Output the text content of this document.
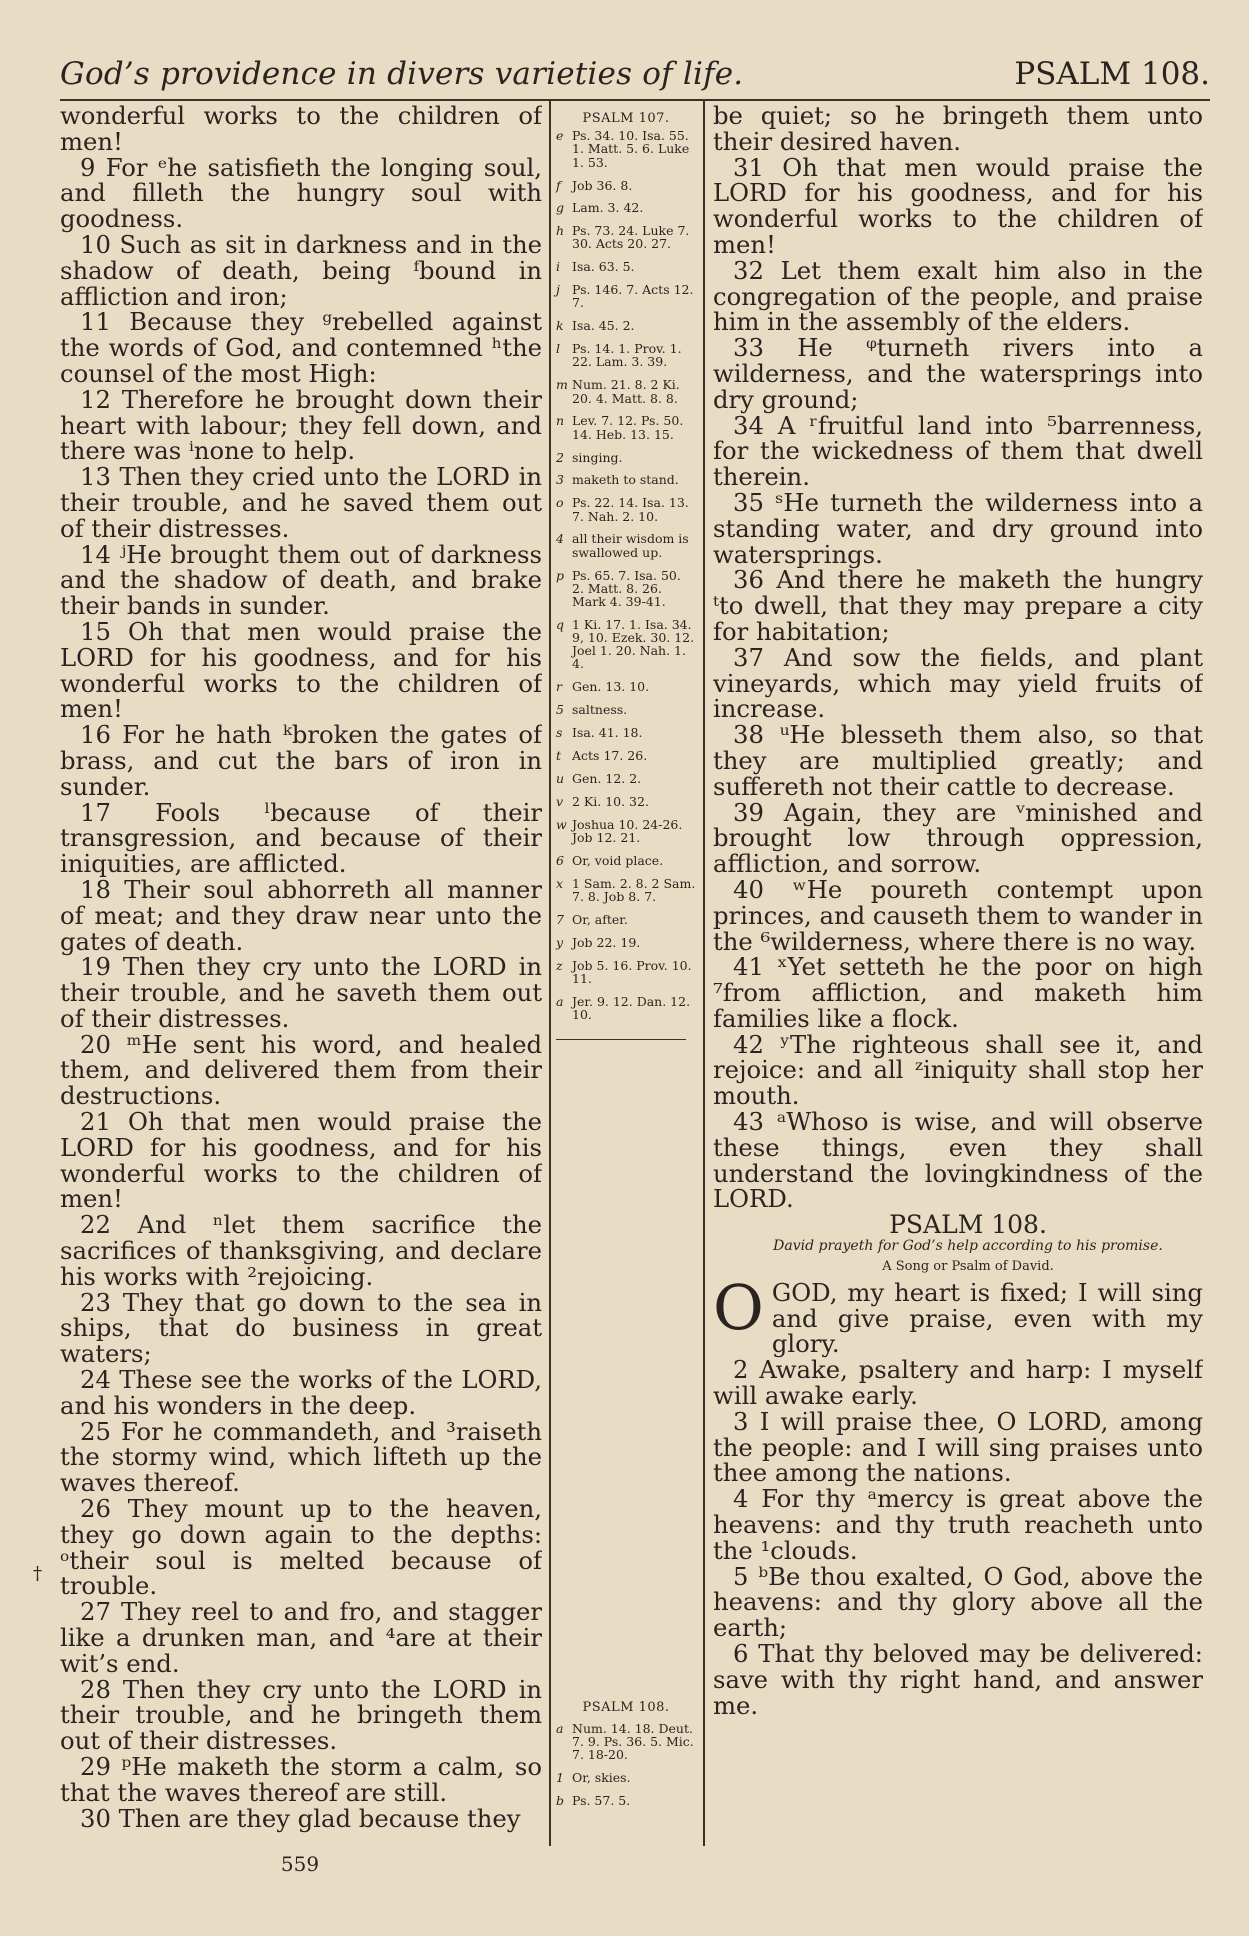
God’s providence in divers varieties of life.	PSALM 108.

wonderful works to the children of men!

9 For ᵉhe satisfieth the longing soul, and filleth the hungry soul with goodness.

10 Such as sit in darkness and in the shadow of death, being ᶠbound in affliction and iron;

11 Because they ᵍrebelled against the words of God, and contemned ʰthe counsel of the most High:

12 Therefore he brought down their heart with labour; they fell down, and there was ⁱnone to help.

13 Then they cried unto the LORD in their trouble, and he saved them out of their distresses.

14 ʲHe brought them out of darkness and the shadow of death, and brake their bands in sunder.

15 Oh that men would praise the LORD for his goodness, and for his wonderful works to the children of men!

16 For he hath ᵏbroken the gates of brass, and cut the bars of iron in sunder.

17 Fools ˡbecause of their transgression, and because of their iniquities, are afflicted.

18 Their soul abhorreth all manner of meat; and they draw near unto the gates of death.

19 Then they cry unto the LORD in their trouble, and he saveth them out of their distresses.

20 ᵐHe sent his word, and healed them, and delivered them from their destructions.

21 Oh that men would praise the LORD for his goodness, and for his wonderful works to the children of men!

22 And ⁿlet them sacrifice the sacrifices of thanksgiving, and declare his works with ²rejoicing.

23 They that go down to the sea in ships, that do business in great waters;

24 These see the works of the LORD, and his wonders in the deep.

25 For he commandeth, and ³raiseth the stormy wind, which lifteth up the waves thereof.

26 They mount up to the heaven, they go down again to the depths: ᵒtheir soul is melted because of trouble.

27 They reel to and fro, and stagger like a drunken man, and ⁴are at their wit’s end.

28 Then they cry unto the LORD in their trouble, and he bringeth them out of their distresses.

29 ᵖHe maketh the storm a calm, so that the waves thereof are still.

30 Then are they glad because they

†
PSALM 107.
e Ps. 34. 10. Isa. 55. 1. Matt. 5. 6. Luke 1. 53.
f Job 36. 8.
g Lam. 3. 42.
h Ps. 73. 24. Luke 7. 30. Acts 20. 27.
i Isa. 63. 5.
j Ps. 146. 7. Acts 12. 7.
k Isa. 45. 2.
l Ps. 14. 1. Prov. 1. 22. Lam. 3. 39.
m Num. 21. 8. 2 Ki. 20. 4. Matt. 8. 8.
n Lev. 7. 12. Ps. 50. 14. Heb. 13. 15.
2 singing.
3 maketh to stand.
o Ps. 22. 14. Isa. 13. 7. Nah. 2. 10.
4 all their wisdom is swallowed up.
p Ps. 65. 7. Isa. 50. 2. Matt. 8. 26. Mark 4. 39-41.
q 1 Ki. 17. 1. Isa. 34. 9, 10. Ezek. 30. 12. Joel 1. 20. Nah. 1. 4.
r Gen. 13. 10.
5 saltness.
s Isa. 41. 18.
t Acts 17. 26.
u Gen. 12. 2.
v 2 Ki. 10. 32.
w Joshua 10. 24-26. Job 12. 21.
6 Or, void place.
x 1 Sam. 2. 8. 2 Sam. 7. 8. Job 8. 7.
7 Or, after.
y Job 22. 19.
z Job 5. 16. Prov. 10. 11.
a Jer. 9. 12. Dan. 12. 10.
PSALM 108.
a Num. 14. 18. Deut. 7. 9. Ps. 36. 5. Mic. 7. 18-20.
1 Or, skies.
b Ps. 57. 5.

be quiet; so he bringeth them unto their desired haven.

31 Oh that men would praise the LORD for his goodness, and for his wonderful works to the children of men!

32 Let them exalt him also in the congregation of the people, and praise him in the assembly of the elders.

33 He ᵠturneth rivers into a wilderness, and the watersprings into dry ground;

34 A ʳfruitful land into ⁵barrenness, for the wickedness of them that dwell therein.

35 ˢHe turneth the wilderness into a standing water, and dry ground into watersprings.

36 And there he maketh the hungry ᵗto dwell, that they may prepare a city for habitation;

37 And sow the fields, and plant vineyards, which may yield fruits of increase.

38 ᵘHe blesseth them also, so that they are multiplied greatly; and suffereth not their cattle to decrease.

39 Again, they are ᵛminished and brought low through oppression, affliction, and sorrow.

40 ʷHe poureth contempt upon princes, and causeth them to wander in the ⁶wilderness, where there is no way.

41 ˣYet setteth he the poor on high ⁷from affliction, and maketh him families like a flock.

42 ʸThe righteous shall see it, and rejoice: and all ᶻiniquity shall stop her mouth.

43 ᵃWhoso is wise, and will observe these things, even they shall understand the lovingkindness of the LORD.

PSALM 108.

David prayeth for God’s help according to his promise.

A Song or Psalm of David.

OGOD, my heart is fixed; I will sing and give praise, even with my glory.

2 Awake, psaltery and harp: I myself will awake early.

3 I will praise thee, O LORD, among the people: and I will sing praises unto thee among the nations.

4 For thy ᵃmercy is great above the heavens: and thy truth reacheth unto the ¹clouds.

5 ᵇBe thou exalted, O God, above the heavens: and thy glory above all the earth;

6 That thy beloved may be delivered: save with thy right hand, and answer me.

559
